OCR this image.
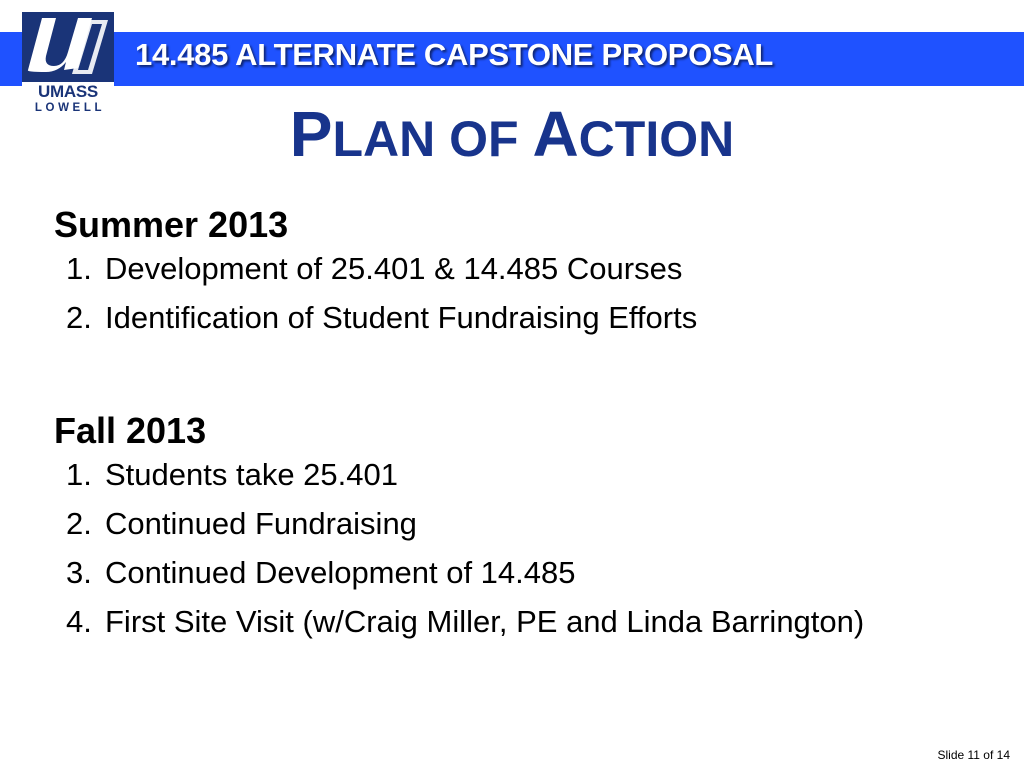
UMASS
LOWELL
14.485 ALTERNATE CAPSTONE PROPOSAL
PLAN OF ACTION
Summer 2013
1. Development of 25.401 & 14.485 Courses
2. Identification of Student Fundraising Efforts
Fall 2013
1. Students take 25.401
2. Continued Fundraising
3. Continued Development of 14.485
4. First Site Visit (w/Craig Miller, PE and Linda Barrington)
Slide 11 of 14
